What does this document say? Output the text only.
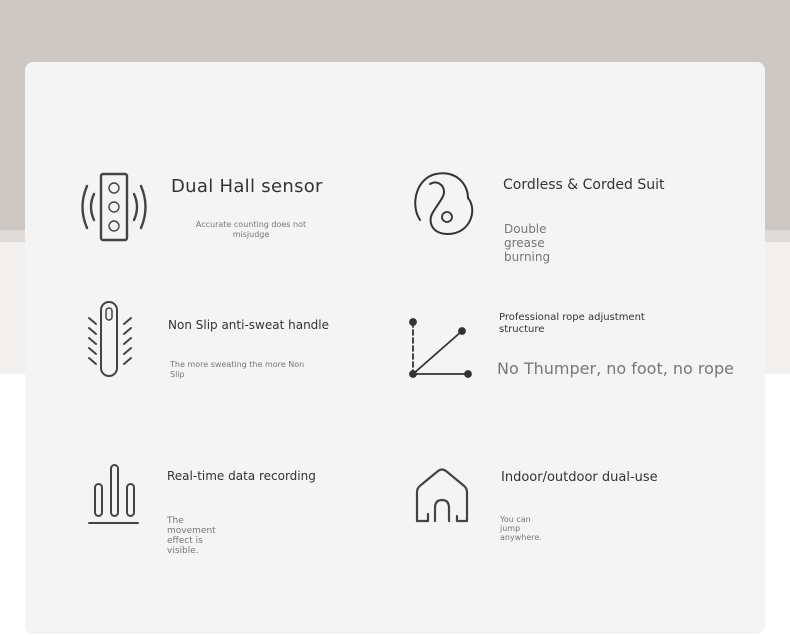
Dual Hall sensor
Accurate counting does not misjudge
Cordless & Corded Suit
Double grease burning
Non Slip anti-sweat handle
The more sweating the more Non Slip
Professional rope adjustment structure
No Thumper, no foot, no rope
Real-time data recording
The movement effect is visible.
Indoor/outdoor dual-use
You can jump anywhere.
